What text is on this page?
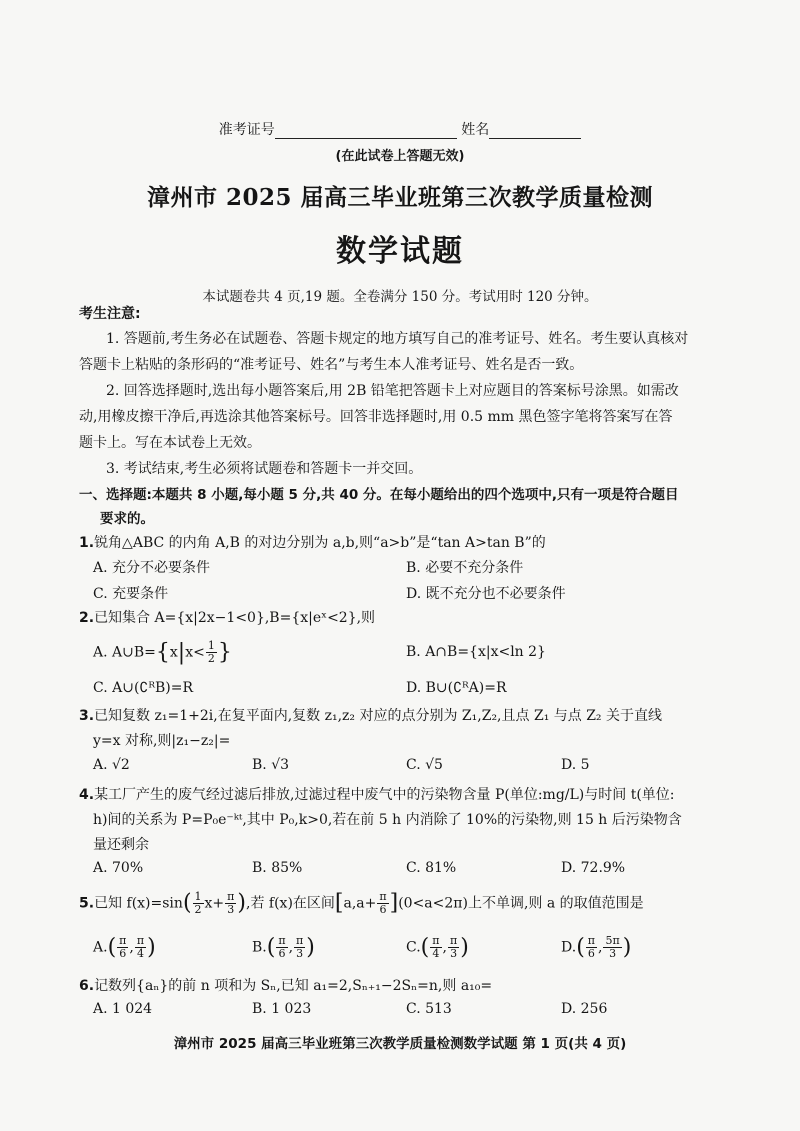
准考证号	姓名
(在此试卷上答题无效)
漳州市 2025 届高三毕业班第三次教学质量检测
数学试题
本试题卷共 4 页,19 题。全卷满分 150 分。考试用时 120 分钟。
考生注意:
1. 答题前,考生务必在试题卷、答题卡规定的地方填写自己的准考证号、姓名。考生要认真核对
答题卡上粘贴的条形码的“准考证号、姓名”与考生本人准考证号、姓名是否一致。
2. 回答选择题时,选出每小题答案后,用 2B 铅笔把答题卡上对应题目的答案标号涂黑。如需改
动,用橡皮擦干净后,再选涂其他答案标号。回答非选择题时,用 0.5 mm 黑色签字笔将答案写在答
题卡上。写在本试卷上无效。
3. 考试结束,考生必须将试题卷和答题卡一并交回。
一、选择题:本题共 8 小题,每小题 5 分,共 40 分。在每小题给出的四个选项中,只有一项是符合题目
要求的。
1.锐角△ABC 的内角 A,B 的对边分别为 a,b,则“a>b”是“tan A>tan B”的
A. 充分不必要条件	B. 必要不充分条件
C. 充要条件	D. 既不充分也不必要条件
2.已知集合 A={x|2x−1<0},B={x|eˣ<2},则
A. A∪B={x|x< $\frac{1}{2}$ }	B. A∩B={x|x<ln 2}
C. A∪(∁ᴿB)=R	D. B∪(∁ᴿA)=R
3.已知复数 z₁=1+2i,在复平面内,复数 z₁,z₂ 对应的点分别为 Z₁,Z₂,且点 Z₁ 与点 Z₂ 关于直线
y=x 对称,则|z₁−z₂|=
A. √2	B. √3	C. √5	D. 5
4.某工厂产生的废气经过滤后排放,过滤过程中废气中的污染物含量 P(单位:mg/L)与时间 t(单位:
h)间的关系为 P=P₀e⁻ᵏᵗ,其中 P₀,k>0,若在前 5 h 内消除了 10%的污染物,则 15 h 后污染物含
量还剩余
A. 70%	B. 85%	C. 81%	D. 72.9%
5.已知 $f(x)=\sin( \frac{1}{2} x+ \frac{\pi}{3}$ ),若 f(x)在区间$[a,a+ \frac{\pi}{6} ](0<a<2\pi)$上不单调,则 a 的取值范围是
$A.( \frac{\pi}{6}$ , $\frac{\pi}{4}$ )	$B.( \frac{\pi}{6}$ , $\frac{\pi}{3}$ )	$C.( \frac{\pi}{4}$ , $\frac{\pi}{3}$ )	$D.( \frac{\pi}{6}$ , $\frac{5\pi}{3}$ )
6.记数列{aₙ}的前 n 项和为 Sₙ,已知 a₁=2,Sₙ₊₁−2Sₙ=n,则 a₁₀=
A. 1 024	B. 1 023	C. 513	D. 256
漳州市 2025 届高三毕业班第三次教学质量检测数学试题 第 1 页(共 4 页)
